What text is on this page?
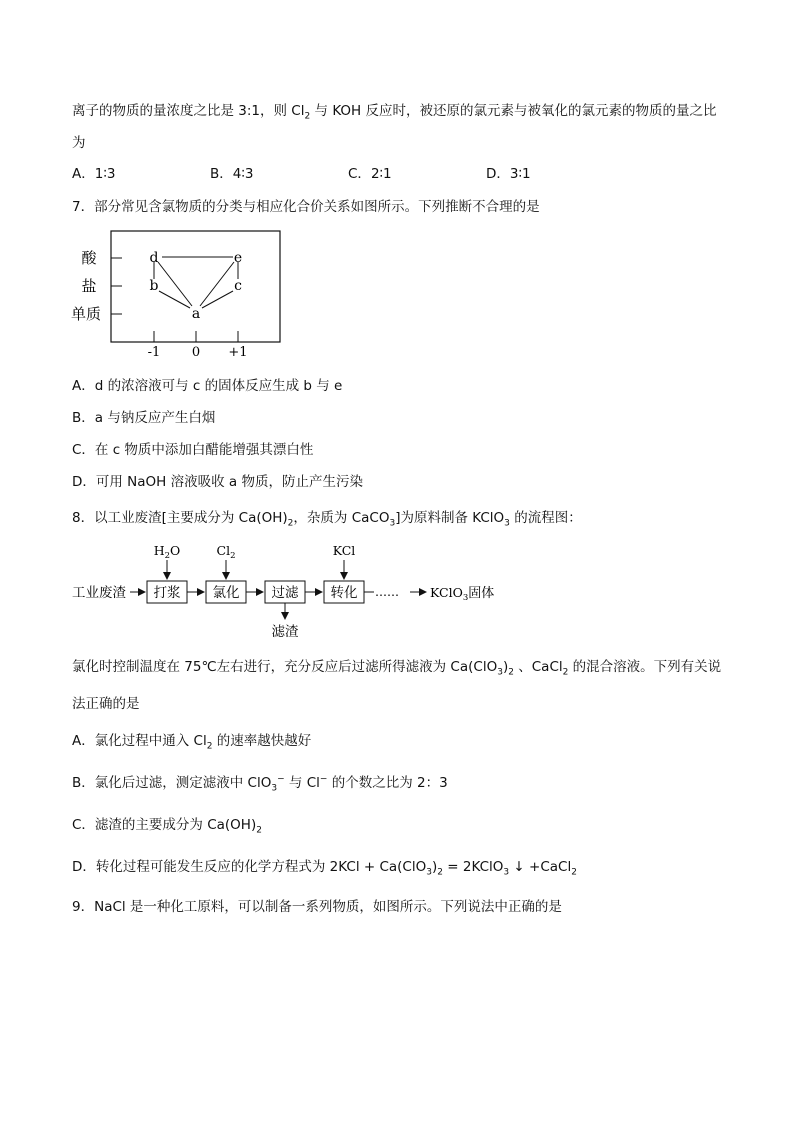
离子的物质的量浓度之比是 3:1，则 $Cl_2$ 与 KOH 反应时，被还原的氯元素与被氧化的氯元素的物质的量之比
为
A．1∶3	B．4∶3	C．2∶1	D．3∶1
7．部分常见含氯物质的分类与相应化合价关系如图所示。下列推断不合理的是
酸
盐
单质
-1 0 +1
d	e
b	c
a
A．d 的浓溶液可与 c 的固体反应生成 b 与 e
B．a 与钠反应产生白烟
C．在 c 物质中添加白醋能增强其漂白性
D．可用 NaOH 溶液吸收 a 物质，防止产生污染
8．以工业废渣[主要成分为 $Ca(OH)_2$，杂质为 CaCO$_3$]为原料制备 KClO$_3$ 的流程图：
工业废渣 打浆 氯化 过滤 转化 …… KClO$_3$固体
$H_2O$	$Cl_2$	KCl
滤渣
氯化时控制温度在 75℃左右进行，充分反应后过滤所得滤液为 $Ca(ClO_3)_2$ 、CaCl$_2$ 的混合溶液。下列有关说
法正确的是
A．氯化过程中通入 $Cl_2$ 的速率越快越好
B．氯化后过滤，测定滤液中 ClO$_3$− 与 Cl− 的个数之比为 2：3
C．滤渣的主要成分为 $Ca(OH)_2$
D．转化过程可能发生反应的化学方程式为 $2KCl + Ca(ClO_3)_2$ = 2KClO$_3$ ↓ +CaCl$_2$
9．NaCl 是一种化工原料，可以制备一系列物质，如图所示。下列说法中正确的是
